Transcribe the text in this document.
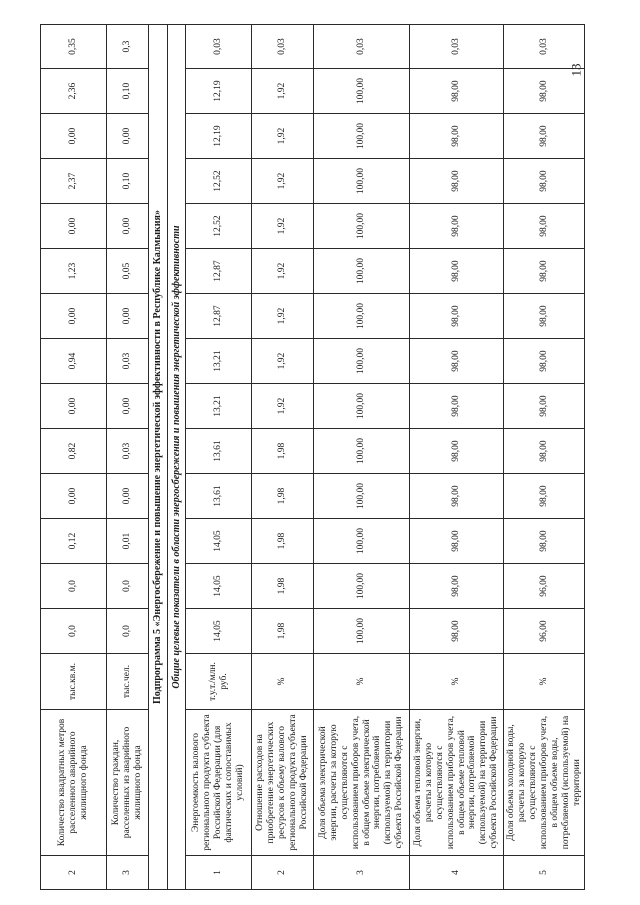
13
2	Количество квадратных метров расселенного аварийного жилищного фонда	тыс.кв.м.	0,0	0,0	0,12	0,00	0,82	0,00	0,94	0,00	1,23	0,00	2,37	0,00	2,36	0,35
3	Количество граждан, расселенных из аварийного жилищного фонда	тыс.чел.	0,0	0,0	0,01	0,00	0,03	0,00	0,03	0,00	0,05	0,00	0,10	0,00	0,10	0,3
Подпрограмма 5 «Энергосбережение и повышение энергетической эффективности в Республике Калмыкия»																
Общие целевые показатели в области энергосбережения и повышения энергетической эффективности																
1	Энергоемкость валового регионального продукта субъекта Российской Федерации (для фактических и сопоставимых условий)	т.у.т./млн. руб.	14,05	14,05	14,05	13,61	13,61	13,21	13,21	12,87	12,87	12,52	12,52	12,19	12,19	0,03
2	Отношение расходов на приобретение энергетических ресурсов к объему валового регионального продукта субъекта Российской Федерации	%	1,98	1,98	1,98	1,98	1,98	1,92	1,92	1,92	1,92	1,92	1,92	1,92	1,92	0,03
3	Доля объема электрической энергии, расчеты за которую осуществляются с использованием приборов учета, в общем объеме электрической энергии, потребляемой (используемой) на территории субъекта Российской Федерации	%	100,00	100,00	100,00	100,00	100,00	100,00	100,00	100,00	100,00	100,00	100,00	100,00	100,00	0,03
4	Доля объема тепловой энергии, расчеты за которую осуществляются с использованием приборов учета, в общем объеме тепловой энергии, потребляемой (используемой) на территории субъекта Российской Федерации	%	98,00	98,00	98,00	98,00	98,00	98,00	98,00	98,00	98,00	98,00	98,00	98,00	98,00	0,03
5	Доля объема холодной воды, расчеты за которую осуществляются с использованием приборов учета, в общем объеме воды, потребляемой (используемой) на территории	%	96,00	96,00	98,00	98,00	98,00	98,00	98,00	98,00	98,00	98,00	98,00	98,00	98,00	0,03
